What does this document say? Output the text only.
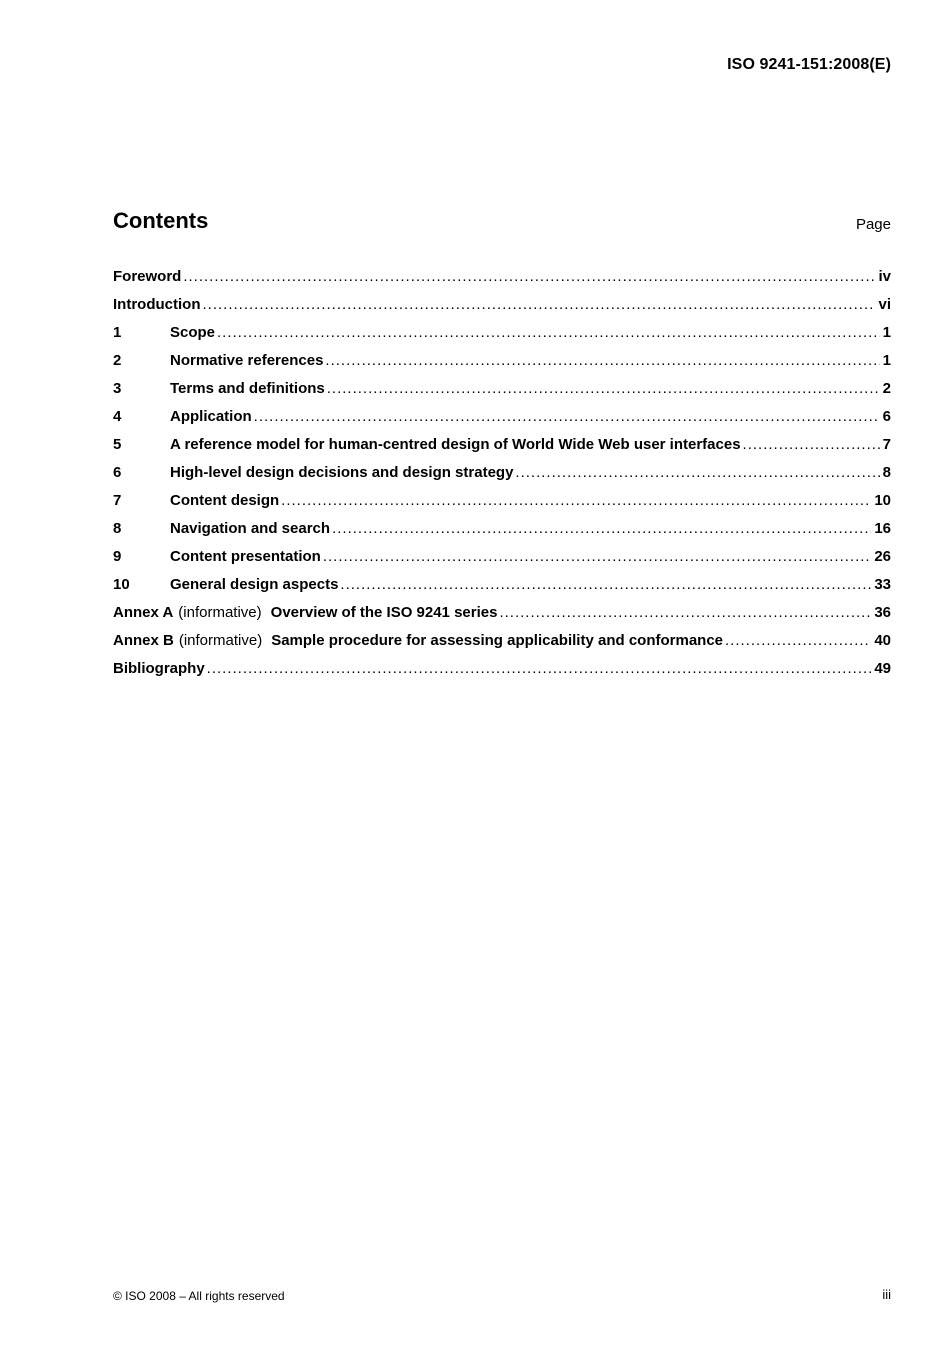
ISO 9241-151:2008(E)
Contents	Page
Foreword .....	iv
Introduction .....	vi
1	Scope .....	1
2	Normative references .....	1
3	Terms and definitions .....	2
4	Application .....	6
5	A reference model for human-centred design of World Wide Web user interfaces .....	7
6	High-level design decisions and design strategy .....	8
7	Content design .....	10
8	Navigation and search .....	16
9	Content presentation .....	26
10	General design aspects .....	33
Annex A (informative) Overview of the ISO 9241 series .....	36
Annex B (informative) Sample procedure for assessing applicability and conformance .....	40
Bibliography .....	49
© ISO 2008 – All rights reserved	iii
